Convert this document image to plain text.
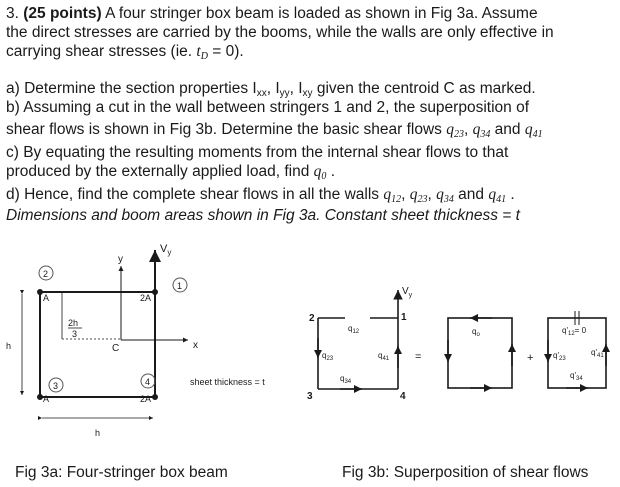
3. (25 points) A four stringer box beam is loaded as shown in Fig 3a. Assume
the direct stresses are carried by the booms, while the walls are only effective in
carrying shear stresses (ie. $t_D = 0$).
a) Determine the section properties $I_{xx}$, $I_{yy}$, $I_{xy}$ given the centroid C as marked.
b) Assuming a cut in the wall between stringers 1 and 2, the superposition of
shear flows is shown in Fig 3b. Determine the basic shear flows $q_{23}$, $q_{34}$ and $q_{41}$
c) By equating the resulting moments from the internal shear flows to that
produced by the externally applied load, find $q_0$ .
d) Hence, find the complete shear flows in all the walls $q_{12}$, $q_{23}$, $q_{34}$ and $q_{41}$ .
Dimensions and boom areas shown in Fig 3a. Constant sheet thickness = t
A	2A
A	2A
$V_y$
y
x
C
2h
3
h
h
sheet thickness = t
2
1
3	4
$V_y$
2	1
3	4
$q_{12}$
$q_{23}$
$q_{34}$
$q_{41}$ =
$q_o$
+
$q'_{12}= 0$
$q'_{23}$
$q'_{34}$
$q'_{41}$
Fig 3a: Four-stringer box beam	Fig 3b: Superposition of shear flows
